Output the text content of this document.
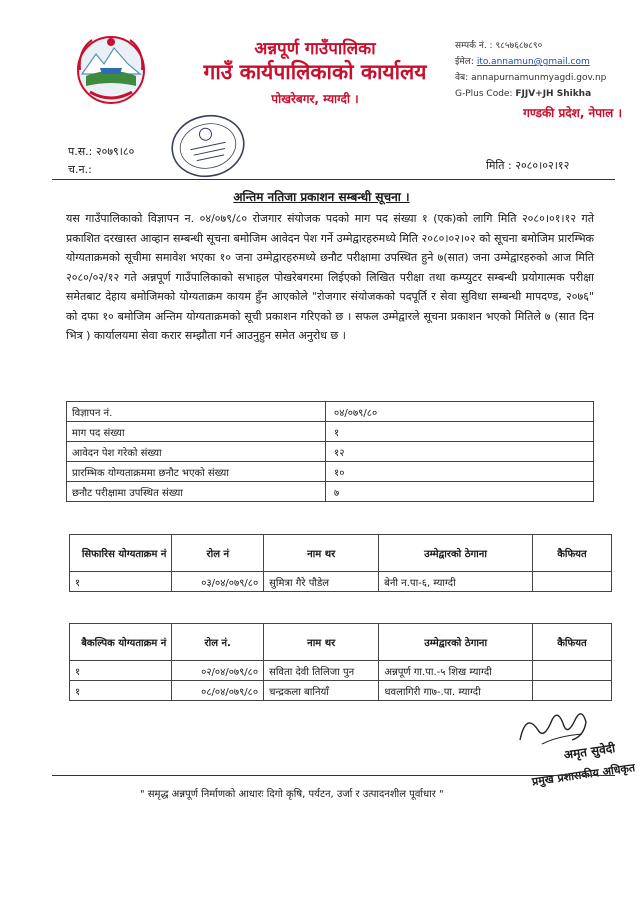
अन्नपूर्ण गाउँपालिका
गाउँ कार्यपालिकाको कार्यालय
पोखरेबगर, म्याग्दी ।
सम्पर्क नं. : ९८५७६८७८९०
ईमेल: ito.annamun@gmail.com
वेब: annapurnamunmyagdi.gov.np
G-Plus Code: FJJV+JH Shikha
गण्डकी प्रदेश, नेपाल ।
प.स.: २०७९।८०
च.न.:	मिति : २०८०।०२।१२
अन्तिम नतिजा प्रकाशन सम्बन्धी सूचना ।
यस गाउँपालिकाको विज्ञापन न. ०४/०७९/८० रोजगार संयोजक पदको माग पद संख्या १ (एक)को लागि मिति २०८०।०१।१२ गते प्रकाशित दरखास्त आव्हान सम्बन्धी सूचना बमोजिम आवेदन पेश गर्ने उम्मेद्वारहरुमध्ये मिति २०८०।०२।०२ को सूचना बमोजिम प्रारम्भिक योग्यताक्रमको सूचीमा समावेश भएका १० जना उम्मेद्वारहरुमध्ये छनौट परीक्षामा उपस्थित हुने ७(सात) जना उम्मेद्वारहरुको आज मिति २०८०/०२/१२ गते अन्नपूर्ण गाउँपालिकाको सभाहल पोखरेबगरमा लिईएको लिखित परीक्षा तथा कम्प्युटर सम्बन्धी प्रयोगात्मक परीक्षा समेतबाट देहाय बमोजिमको योग्यताक्रम कायम हुँन आएकोले "रोजगार संयोजकको पदपूर्ति र सेवा सुविधा सम्बन्धी मापदण्ड, २०७६" को दफा १० बमोजिम अन्तिम योग्यताक्रमको सूची प्रकाशन गरिएको छ । सफल उम्मेद्वारले सूचना प्रकाशन भएको मितिले ७ (सात दिन भित्र ) कार्यालयमा सेवा करार सम्झौता गर्न आउनुहुन समेत अनुरोध छ ।
विज्ञापन नं.	०४/०७९/८०
माग पद संख्या	१
आवेदन पेश गरेको संख्या	१२
प्रारम्भिक योग्यताक्रममा छनौट भएको संख्या	१०
छनौट परीक्षामा उपस्थित संख्या	७
सिफारिस योग्यताक्रम नं	रोल नं	नाम थर	उम्मेद्वारको ठेगाना	कैफियत
१	०३/०४/०७९/८०	सुमित्रा गैरे पौडेल	बेनी न.पा-६, म्याग्दी	
बैकल्पिक योग्यताक्रम नं	रोल नं.	नाम थर	उम्मेद्वारको ठेगाना	कैफियत
१	०२/०४/०७९/८०	सविता देवी तिलिजा पुन	अन्नपूर्ण गा.पा.-५ शिख म्याग्दी	
१	०८/०४/०७९/८०	चन्द्रकला बानियाँ	धवलागिरी गा७-.पा. म्याग्दी	
अमृत सुवेदी
प्रमुख प्रशासकीय अधिकृत
" समृद्ध अन्नपूर्ण निर्माणको आधारः दिगो कृषि, पर्यटन, उर्जा र उत्पादनशील पूर्वाधार "
